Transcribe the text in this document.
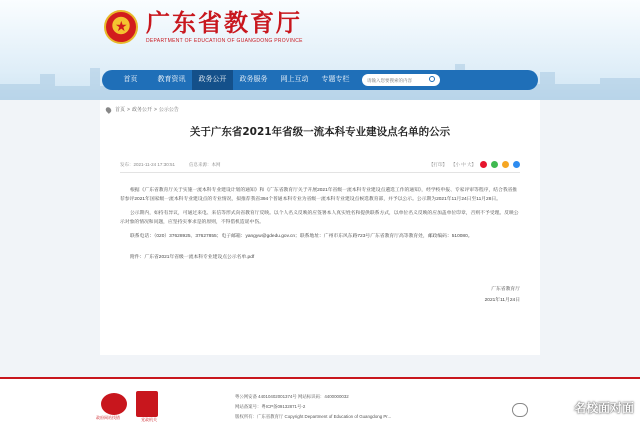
★
广东省教育厅
DEPARTMENT OF EDUCATION OF GUANGDONG PROVINCE
首页	教育资讯	政务公开	政务服务	网上互动	专题专栏
请输入您要搜索的内容
首页 > 政务公开 > 公示公告
关于广东省2021年省级一流本科专业建设点名单的公示
发布：2021-11-24 17:30:51	信息来源：本网	【打印】 【小 中 大】

根据《广东省教育厅关于实施一流本科专业建设计划的通知》和《广东省教育厅关于开展2021年省级一流本科专业建设点遴选工作的通知》，经学校申报、专家评审等程序，结合我省推荐参评2021年国家级一流本科专业建设点的专业情况，拟推荐我省394个普通本科专业为省级一流本科专业建设点候选教育部，并予以公示。公示期为2021年11月24日至11月28日。

公示期内，如持有异议，可通过来电、来信等形式向省教育厅反映。以个人名义反映的应签署本人真实姓名和提供联系方式，以单位名义反映的应加盖单位印章，否则不予受理。反映公示对象的情况和问题，应坚持实事求是的原则，不得借机造谣中伤。

联系电话：（020）37628925、37627855；电子邮箱：yangyw@gdedu.gov.cn；联系地址：广州市东风东路723号广东省教育厅高等教育处，邮政编码：510080。

附件：广东省2021年省级一流本科专业建设点公示名单.pdf

广东省教育厅
2021年11月24日
政府网站找错	党政机关
粤公网安备 44010402001374号 网站标识码：4400000032
网站备案号：粤ICP备09132871号-2
版权所有：广东省教育厅 Copyright Department of Education of Guangdong Pr...
名校面对面
